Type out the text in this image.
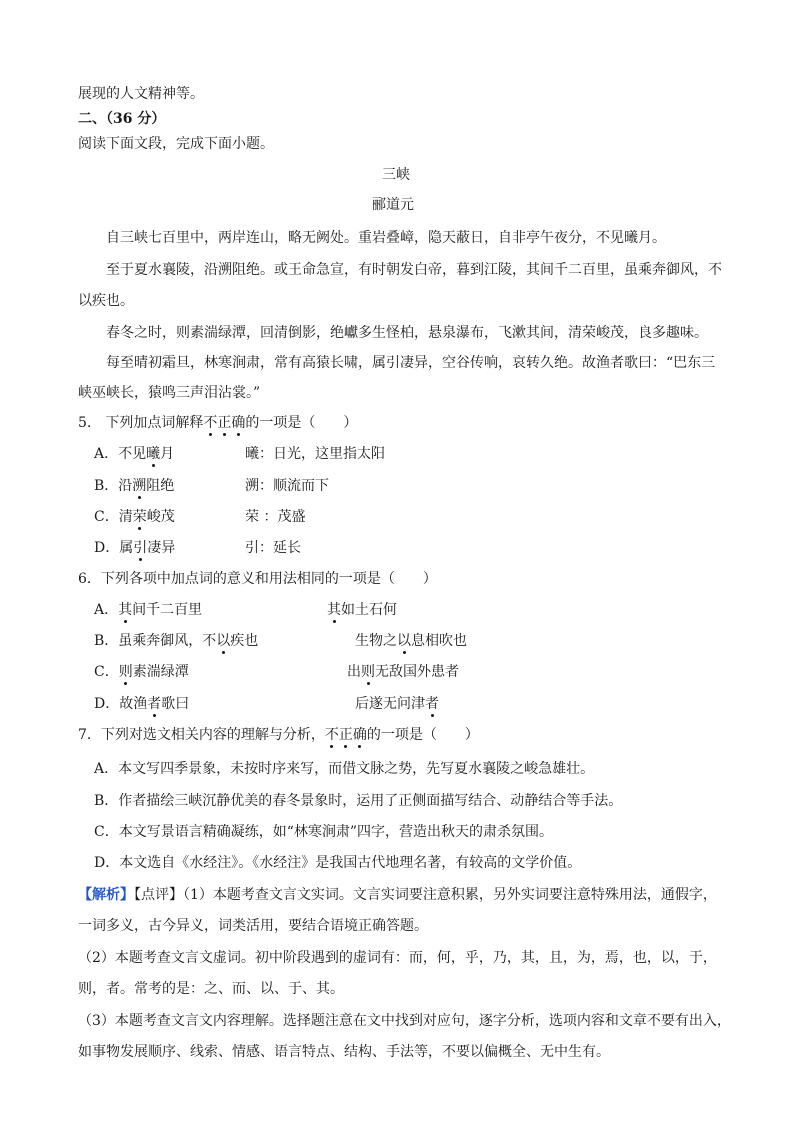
展现的人文精神等。
二、（36 分）
阅读下面文段，完成下面小题。
三峡
郦道元
自三峡七百里中，两岸连山，略无阙处。重岩叠嶂，隐天蔽日，自非亭午夜分，不见曦月。
至于夏水襄陵，沿溯阻绝。或王命急宣，有时朝发白帝，暮到江陵，其间千二百里，虽乘奔御风，不
以疾也。
春冬之时，则素湍绿潭，回清倒影，绝巘多生怪柏，悬泉瀑布，飞漱其间，清荣峻茂，良多趣味。
每至晴初霜旦，林寒涧肃，常有高猿长啸，属引凄异，空谷传响，哀转久绝。故渔者歌曰：“巴东三
峡巫峡长，猿鸣三声泪沾裳。”
5.　下列加点词解释不正确的一项是（　　）
A．不见曦月	曦：日光，这里指太阳
B．沿溯阻绝	溯：顺流而下
C．清荣峻茂	荣 ：茂盛
D．属引凄异	引：延长
6．下列各项中加点词的意义和用法相同的一项是（　　）
A．其间千二百里	其如土石何
B．虽乘奔御风，不以疾也	生物之以息相吹也
C．则素湍绿潭	出则无敌国外患者
D．故渔者歌曰	后遂无问津者
7．下列对选文相关内容的理解与分析，不正确的一项是（　　）
A．本文写四季景象，未按时序来写，而借文脉之势，先写夏水襄陵之峻急雄壮。
B．作者描绘三峡沉静优美的春冬景象时，运用了正侧面描写结合、动静结合等手法。
C．本文写景语言精确凝练，如“林寒涧肃”四字，营造出秋天的肃杀氛围。
D．本文选自《水经注》。《水经注》是我国古代地理名著，有较高的文学价值。
【解析】【点评】（1）本题考查文言文实词。文言实词要注意积累，另外实词要注意特殊用法，通假字，
一词多义，古今异义，词类活用，要结合语境正确答题。
（2）本题考查文言文虚词。初中阶段遇到的虚词有：而，何，乎，乃，其，且，为，焉，也，以，于，
则，者。常考的是：之、而、以、于、其。
（3）本题考查文言文内容理解。选择题注意在文中找到对应句，逐字分析，选项内容和文章不要有出入，
如事物发展顺序、线索、情感、语言特点、结构、手法等，不要以偏概全、无中生有。
